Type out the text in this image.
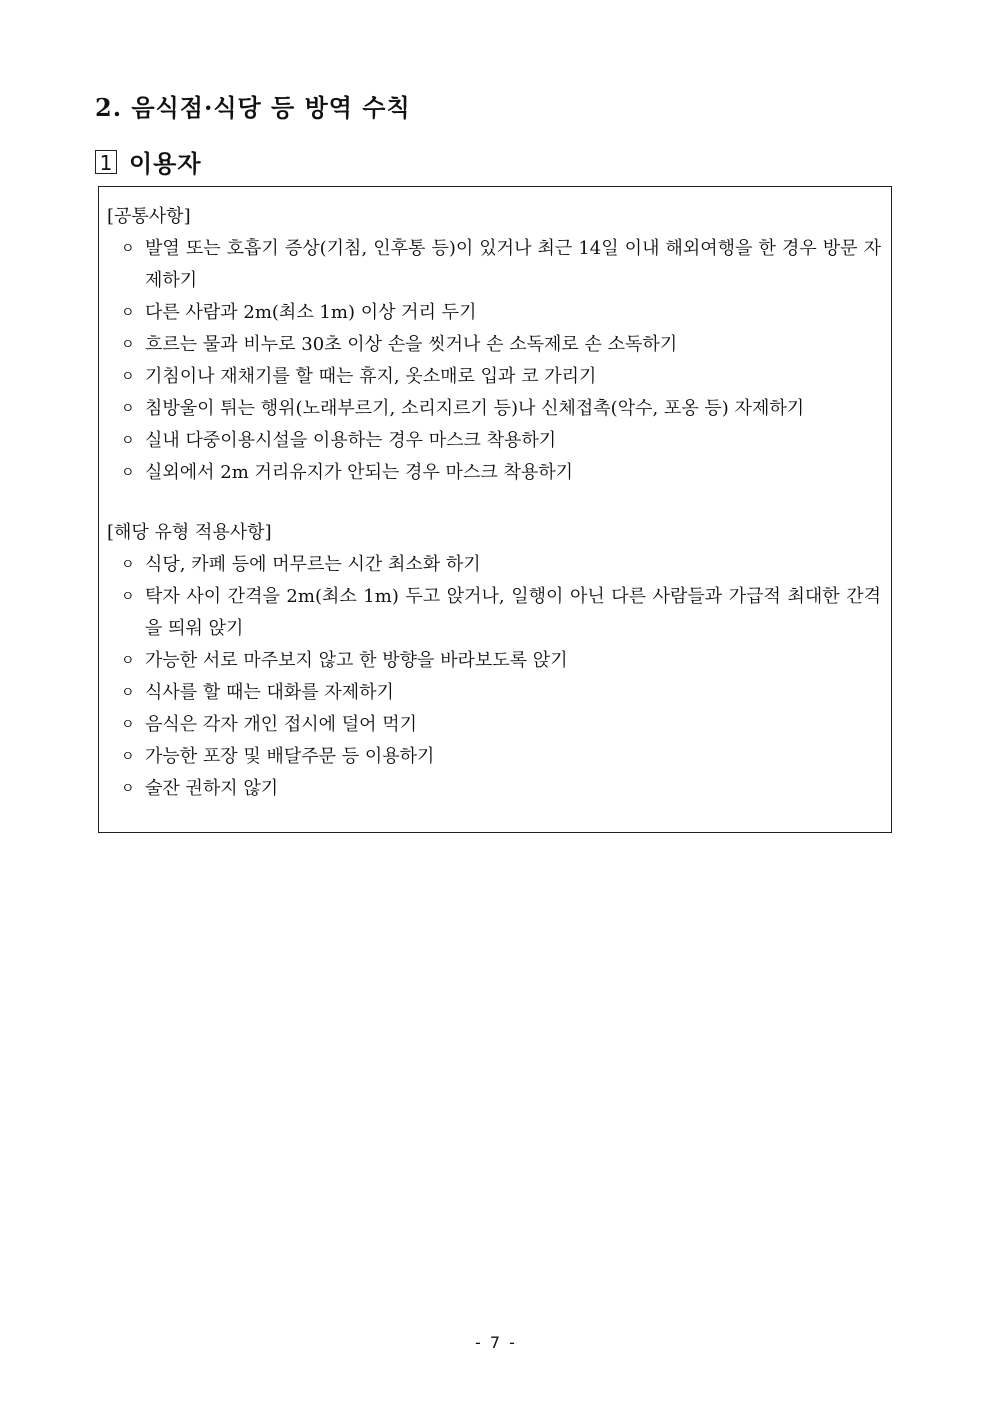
2. 음식점·식당 등 방역 수칙
1 이용자
[공통사항]
ㅇ 발열 또는 호흡기 증상(기침, 인후통 등)이 있거나 최근 14일 이내 해외여행을 한 경우 방문 자제하기
ㅇ 다른 사람과 2m(최소 1m) 이상 거리 두기
ㅇ 흐르는 물과 비누로 30초 이상 손을 씻거나 손 소독제로 손 소독하기
ㅇ 기침이나 재채기를 할 때는 휴지, 옷소매로 입과 코 가리기
ㅇ 침방울이 튀는 행위(노래부르기, 소리지르기 등)나 신체접촉(악수, 포옹 등) 자제하기
ㅇ 실내 다중이용시설을 이용하는 경우 마스크 착용하기
ㅇ 실외에서 2m 거리유지가 안되는 경우 마스크 착용하기
[해당 유형 적용사항]
ㅇ 식당, 카페 등에 머무르는 시간 최소화 하기
ㅇ 탁자 사이 간격을 2m(최소 1m) 두고 앉거나, 일행이 아닌 다른 사람들과 가급적 최대한 간격을 띄워 앉기
ㅇ 가능한 서로 마주보지 않고 한 방향을 바라보도록 앉기
ㅇ 식사를 할 때는 대화를 자제하기
ㅇ 음식은 각자 개인 접시에 덜어 먹기
ㅇ 가능한 포장 및 배달주문 등 이용하기
ㅇ 술잔 권하지 않기
- 7 -
